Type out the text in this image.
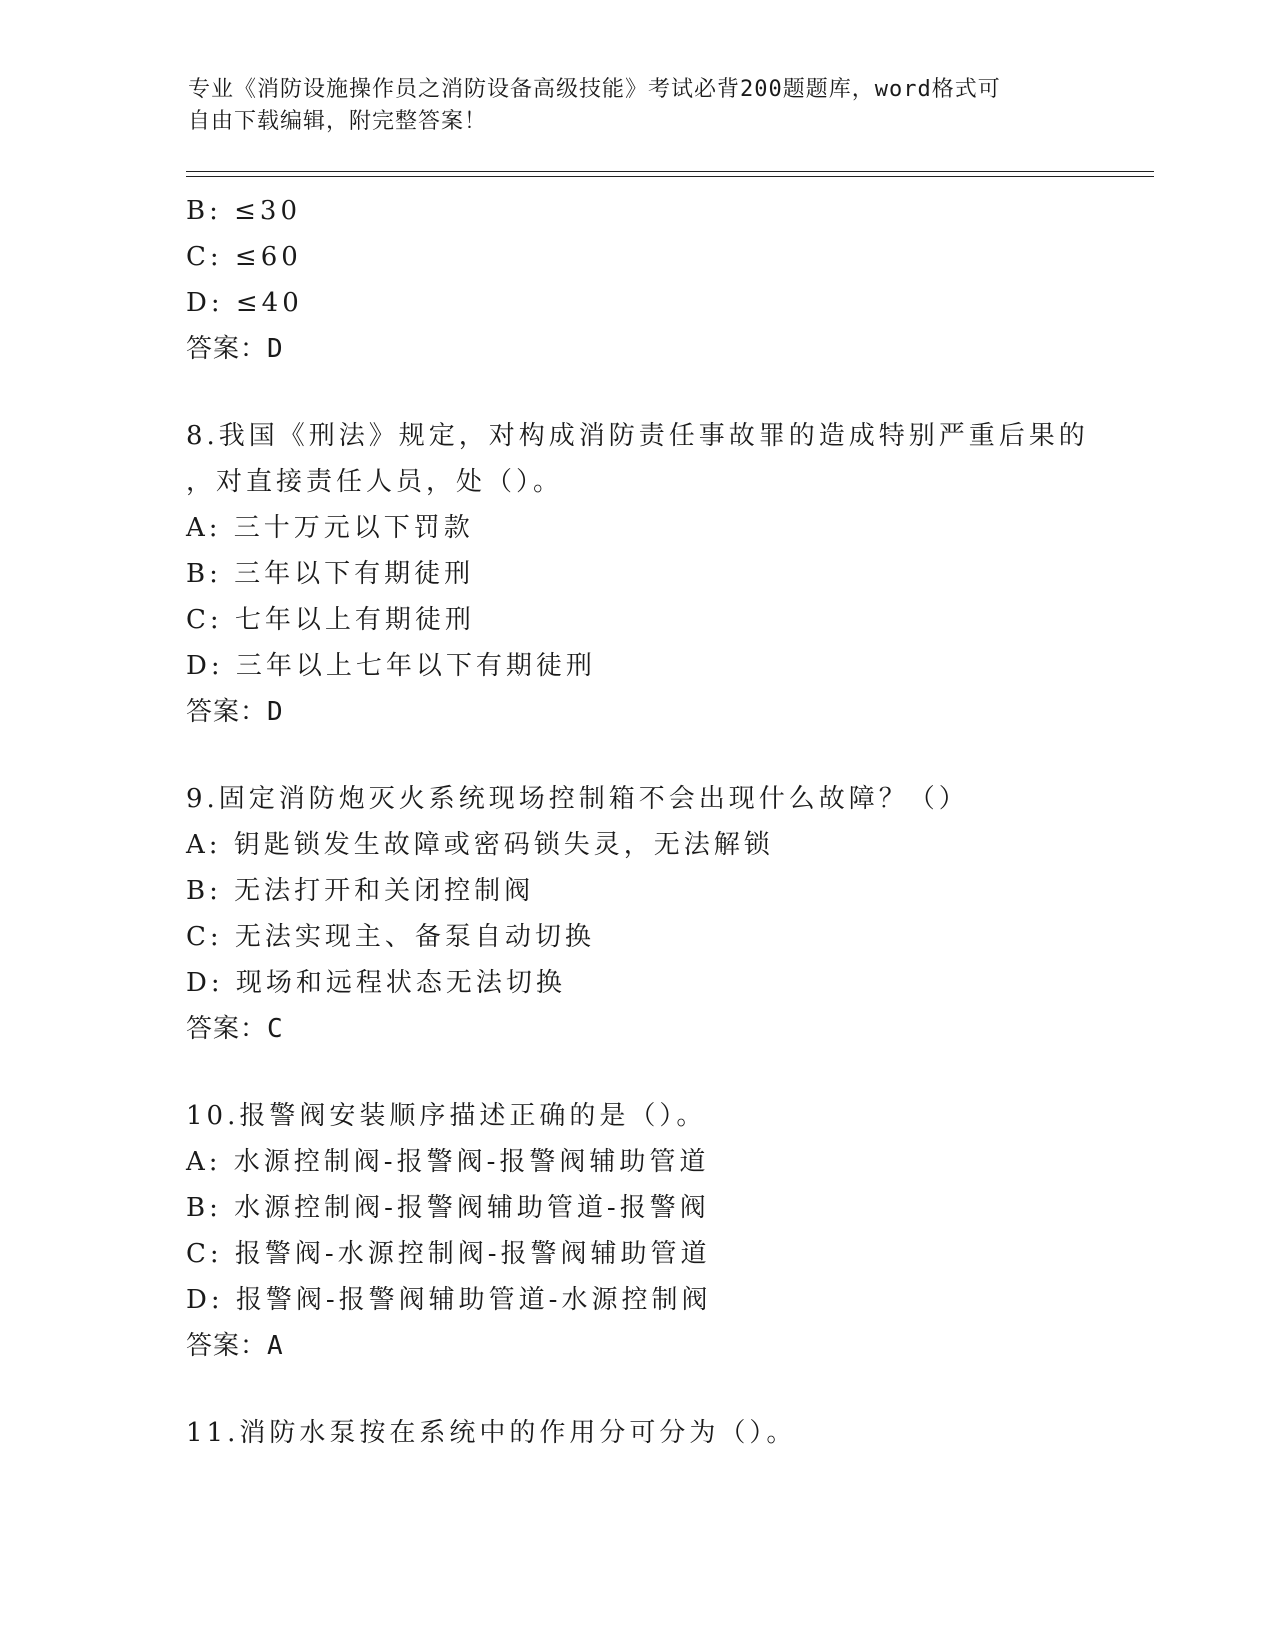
专业《消防设施操作员之消防设备高级技能》考试必背200题题库，word格式可
自由下载编辑，附完整答案！
B: ≤30
C: ≤60
D: ≤40
答案：D
8.我国《刑法》规定，对构成消防责任事故罪的造成特别严重后果的
，对直接责任人员，处（）。
A: 三十万元以下罚款
B: 三年以下有期徒刑
C: 七年以上有期徒刑
D: 三年以上七年以下有期徒刑
答案：D
9.固定消防炮灭火系统现场控制箱不会出现什么故障？（）
A: 钥匙锁发生故障或密码锁失灵，无法解锁
B: 无法打开和关闭控制阀
C: 无法实现主、备泵自动切换
D: 现场和远程状态无法切换
答案：C
10.报警阀安装顺序描述正确的是（）。
A: 水源控制阀-报警阀-报警阀辅助管道
B: 水源控制阀-报警阀辅助管道-报警阀
C: 报警阀-水源控制阀-报警阀辅助管道
D: 报警阀-报警阀辅助管道-水源控制阀
答案：A
11.消防水泵按在系统中的作用分可分为（）。
